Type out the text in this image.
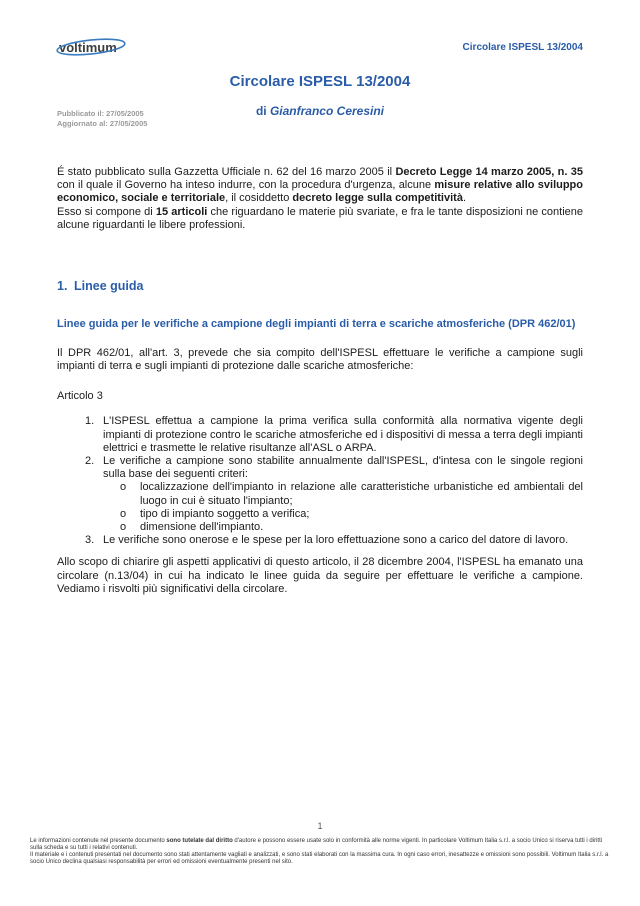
voltimum	Circolare ISPESL 13/2004
Circolare ISPESL 13/2004
di Gianfranco Ceresini
Pubblicato il: 27/05/2005
Aggiornato al: 27/05/2005
É stato pubblicato sulla Gazzetta Ufficiale n. 62 del 16 marzo 2005 il Decreto Legge 14 marzo 2005, n. 35 con il quale il Governo ha inteso indurre, con la procedura d'urgenza, alcune misure relative allo sviluppo economico, sociale e territoriale, il cosiddetto decreto legge sulla competitività.
Esso si compone di 15 articoli che riguardano le materie più svariate, e fra le tante disposizioni ne contiene alcune riguardanti le libere professioni.
1. Linee guida
Linee guida per le verifiche a campione degli impianti di terra e scariche atmosferiche (DPR 462/01)
Il DPR 462/01, all'art. 3, prevede che sia compito dell'ISPESL effettuare le verifiche a campione sugli impianti di terra e sugli impianti di protezione dalle scariche atmosferiche:
Articolo 3
1. L'ISPESL effettua a campione la prima verifica sulla conformità alla normativa vigente degli impianti di protezione contro le scariche atmosferiche ed i dispositivi di messa a terra degli impianti elettrici e trasmette le relative risultanze all'ASL o ARPA.
2. Le verifiche a campione sono stabilite annualmente dall'ISPESL, d'intesa con le singole regioni sulla base dei seguenti criteri:
o	localizzazione dell'impianto in relazione alle caratteristiche urbanistiche ed ambientali del luogo in cui è situato l'impianto;
o	tipo di impianto soggetto a verifica;
o	dimensione dell'impianto.
3. Le verifiche sono onerose e le spese per la loro effettuazione sono a carico del datore di lavoro.
Allo scopo di chiarire gli aspetti applicativi di questo articolo, il 28 dicembre 2004, l'ISPESL ha emanato una circolare (n.13/04) in cui ha indicato le linee guida da seguire per effettuare le verifiche a campione. Vediamo i risvolti più significativi della circolare.
1
Le informazioni contenute nel presente documento sono tutelate dal diritto d'autore e possono essere usate solo in conformità alle norme vigenti. In particolare Voltimum Italia s.r.l. a socio Unico si riserva tutti i diritti sulla scheda e su tutti i relativi contenuti.
Il materiale e i contenuti presentati nel documento sono stati attentamente vagliati e analizzati, e sono stati elaborati con la massima cura. In ogni caso errori, inesattezze e omissioni sono possibili. Voltimum Italia s.r.l. a socio Unico declina qualsiasi responsabilità per errori ed omissioni eventualmente presenti nel sito.
